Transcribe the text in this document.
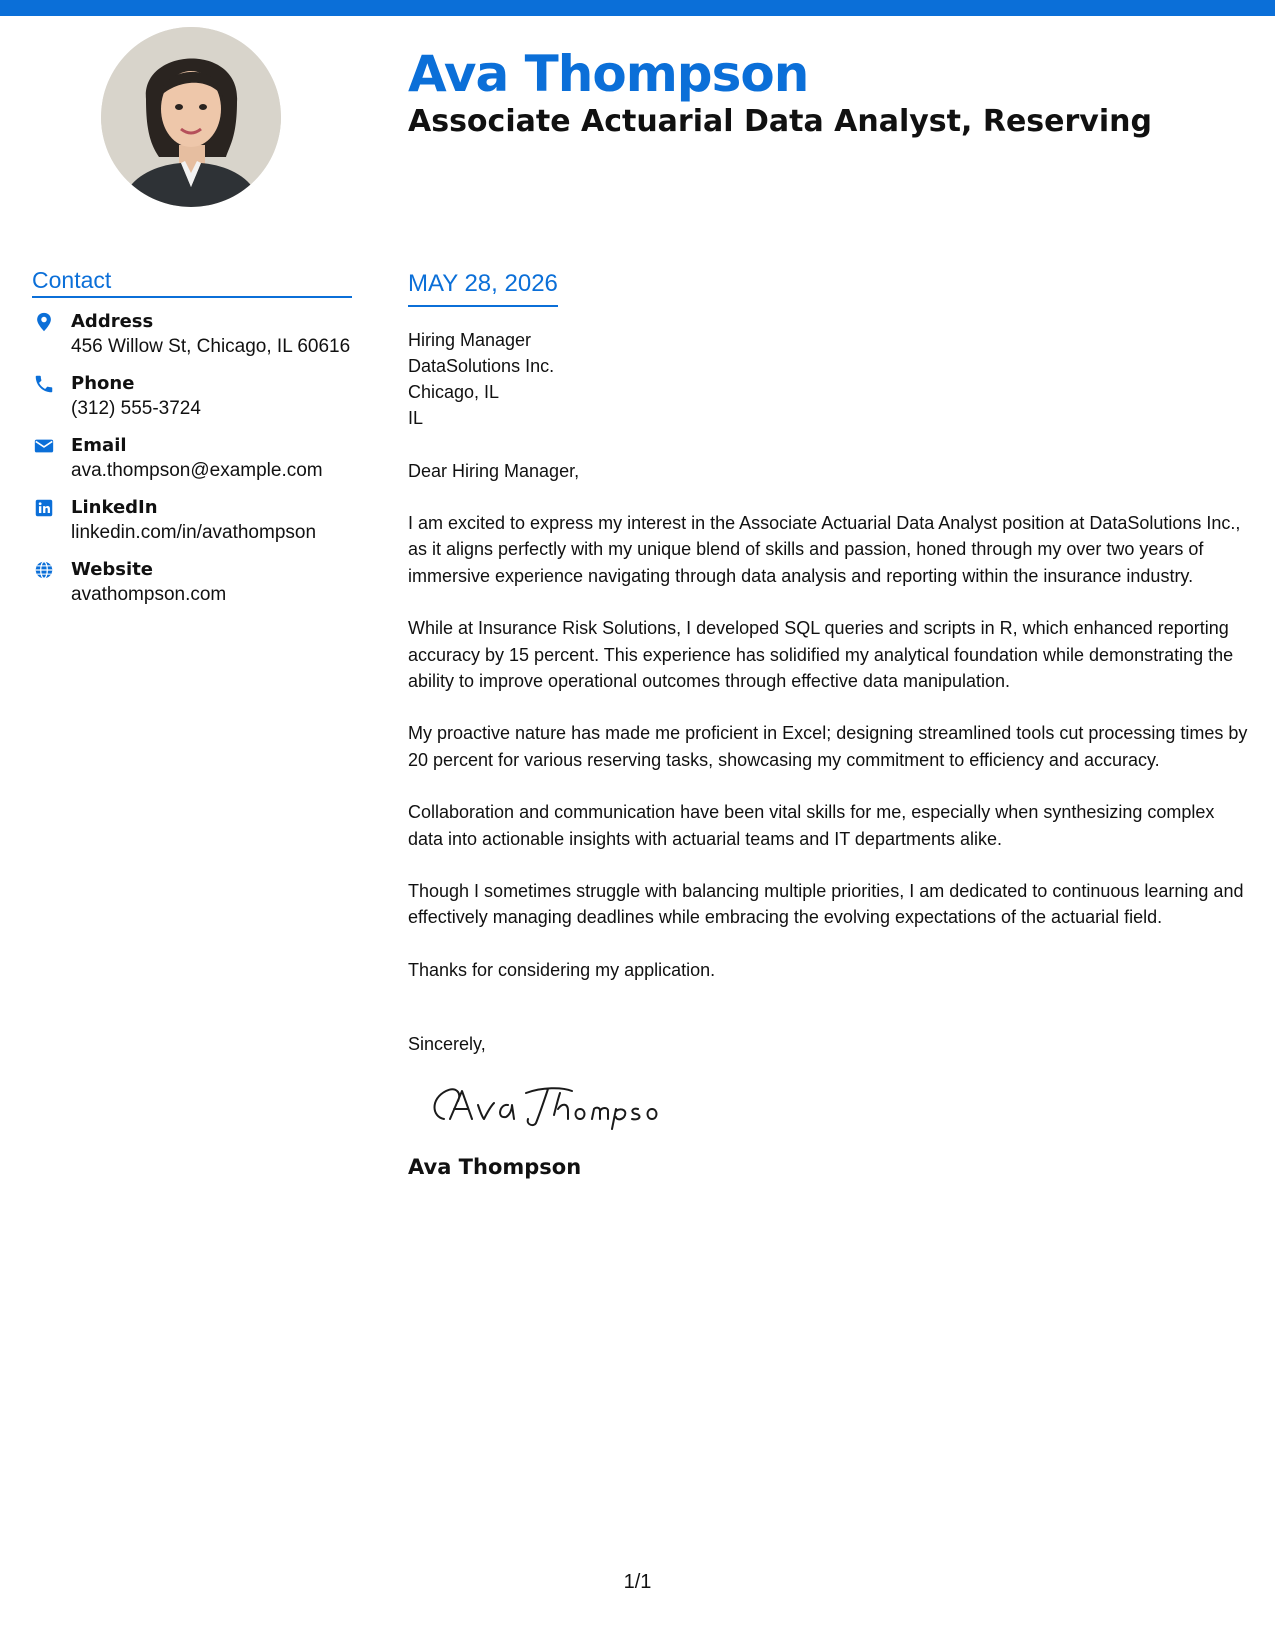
Ava Thompson
Associate Actuarial Data Analyst, Reserving
Contact
Address
456 Willow St, Chicago, IL 60616
Phone
(312) 555-3724
Email
ava.thompson@example.com
LinkedIn
linkedin.com/in/avathompson
Website
avathompson.com
MAY 28, 2026
Hiring Manager
DataSolutions Inc.
Chicago, IL
IL
Dear Hiring Manager,

I am excited to express my interest in the Associate Actuarial Data Analyst position at DataSolutions Inc., as it aligns perfectly with my unique blend of skills and passion, honed through my over two years of immersive experience navigating through data analysis and reporting within the insurance industry.

While at Insurance Risk Solutions, I developed SQL queries and scripts in R, which enhanced reporting accuracy by 15 percent. This experience has solidified my analytical foundation while demonstrating the ability to improve operational outcomes through effective data manipulation.

My proactive nature has made me proficient in Excel; designing streamlined tools cut processing times by 20 percent for various reserving tasks, showcasing my commitment to efficiency and accuracy.

Collaboration and communication have been vital skills for me, especially when synthesizing complex data into actionable insights with actuarial teams and IT departments alike.

Though I sometimes struggle with balancing multiple priorities, I am dedicated to continuous learning and effectively managing deadlines while embracing the evolving expectations of the actuarial field.

Thanks for considering my application.

Sincerely,
Ava Thompson
1/1
